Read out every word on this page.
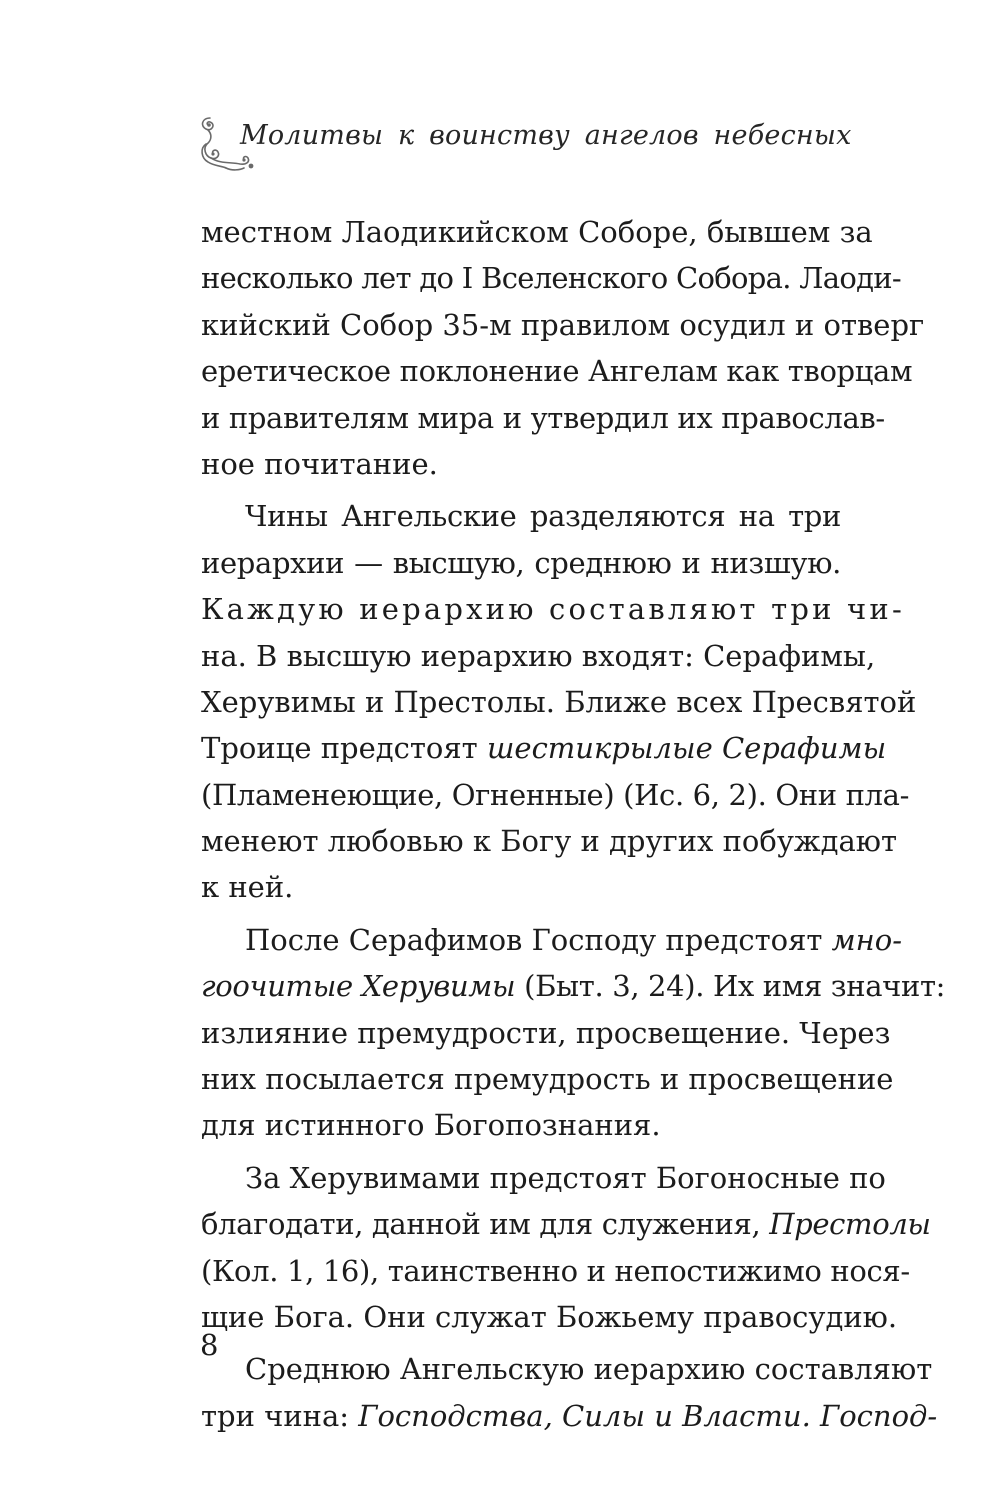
Молитвы к воинству ангелов небесных
местном Лаодикийском Соборе, бывшем за
несколько лет до I Вселенского Собора. Лаоди-
кийский Собор 35-м правилом осудил и отверг
еретическое поклонение Ангелам как творцам
и правителям мира и утвердил их православ-
ное почитание.
Чины Ангельские разделяются на три
иерархии — высшую, среднюю и низшую.
Каждую иерархию составляют три чи-
на. В высшую иерархию входят: Серафимы,
Херувимы и Престолы. Ближе всех Пресвятой
Троице предстоят шестикрылые Серафимы
(Пламенеющие, Огненные) (Ис. 6, 2). Они пла-
менеют любовью к Богу и других побуждают
к ней.
После Серафимов Господу предстоят мно-
гоочитые Херувимы (Быт. 3, 24). Их имя значит:
излияние премудрости, просвещение. Через
них посылается премудрость и просвещение
для истинного Богопознания.
За Херувимами предстоят Богоносные по
благодати, данной им для служения, Престолы
(Кол. 1, 16), таинственно и непостижимо нося-
щие Бога. Они служат Божьему правосудию.
Среднюю Ангельскую иерархию составляют
три чина: Господства, Силы и Власти. Господ-
8
